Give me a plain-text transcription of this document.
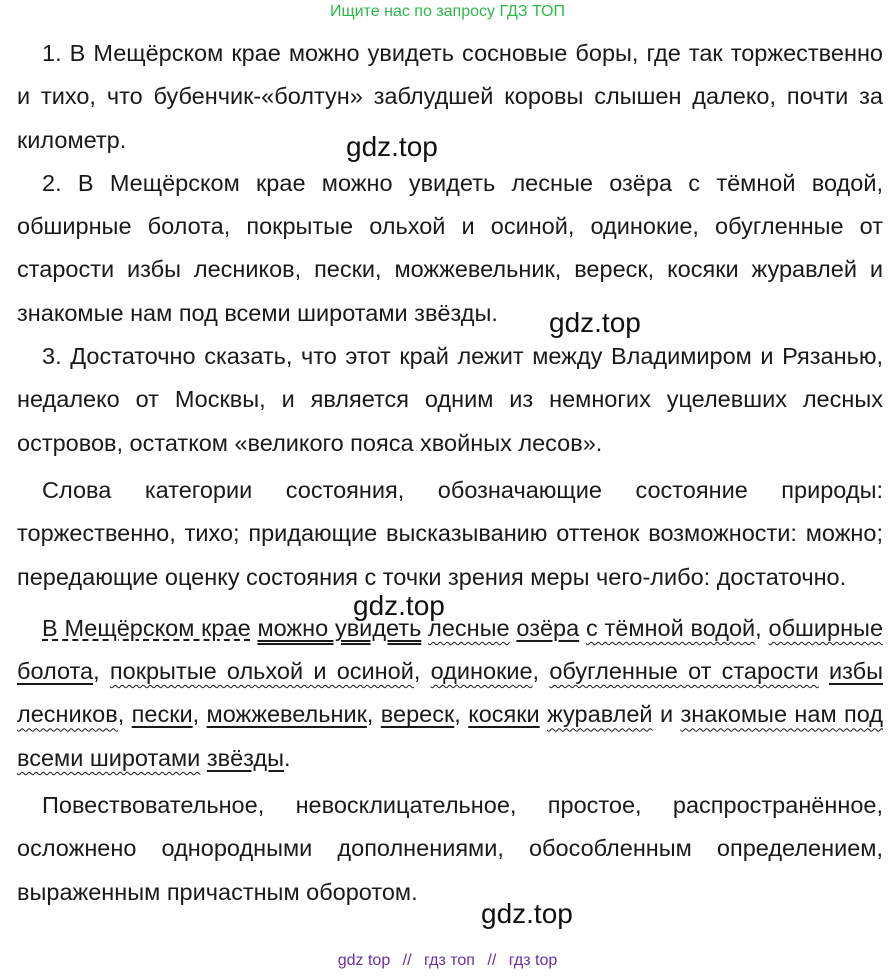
Ищите нас по запросу ГДЗ ТОП

1. В Мещёрском крае можно увидеть сосновые боры, где так торжественно и тихо, что бубенчик-«болтун» заблудшей коровы слышен далеко, почти за километр.

2. В Мещёрском крае можно увидеть лесные озёра с тёмной водой, обширные болота, покрытые ольхой и осиной, одинокие, обугленные от старости избы лесников, пески, можжевельник, вереск, косяки журавлей и знакомые нам под всеми широтами звёзды.

3. Достаточно сказать, что этот край лежит между Владимиром и Рязанью, недалеко от Москвы, и является одним из немногих уцелевших лесных островов, остатком «великого пояса хвойных лесов».

Слова категории состояния, обозначающие состояние природы: торжественно, тихо; придающие высказыванию оттенок возможности: можно; передающие оценку состояния с точки зрения меры чего-либо: достаточно.

В Мещёрском крае можно увидеть лесные озёра с тёмной водой, обширные болота, покрытые ольхой и осиной, одинокие, обугленные от старости избы лесников, пески, можжевельник, вереск, косяки журавлей и знакомые нам под всеми широтами звёзды.

Повествовательное, невосклицательное, простое, распространённое, осложнено однородными дополнениями, обособленным определением, выраженным причастным оборотом.

gdz.top
gdz.top
gdz.top
gdz.top
gdz top // гдз топ // гдз top
